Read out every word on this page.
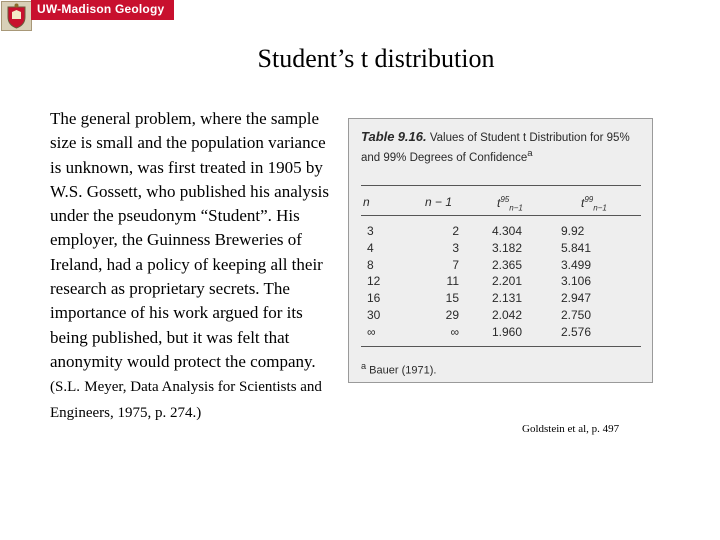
UW-Madison Geology 777
Student’s t distribution
The general problem, where the sample size is small and the population variance is unknown, was first treated in 1905 by W.S. Gossett, who published his analysis under the pseudonym “Student”. His employer, the Guinness Breweries of Ireland, had a policy of keeping all their research as proprietary secrets. The importance of his work argued for its being published, but it was felt that anonymity would protect the company. (S.L. Meyer, Data Analysis for Scientists and Engineers, 1975, p. 274.)
Table 9.16. Values of Student t Distribution for 95% and 99% Degrees of Confidence$^a$
n	n − 1	$t^{95}_{n-1}$	$t^{99}_{n-1}$
3	2	4.304	9.92
4	3	3.182	5.841
8	7	2.365	3.499
12	11	2.201	3.106
16	15	2.131	2.947
30	29	2.042	2.750
∞	∞	1.960	2.576
$^a$ Bauer (1971).
Goldstein et al, p. 497
